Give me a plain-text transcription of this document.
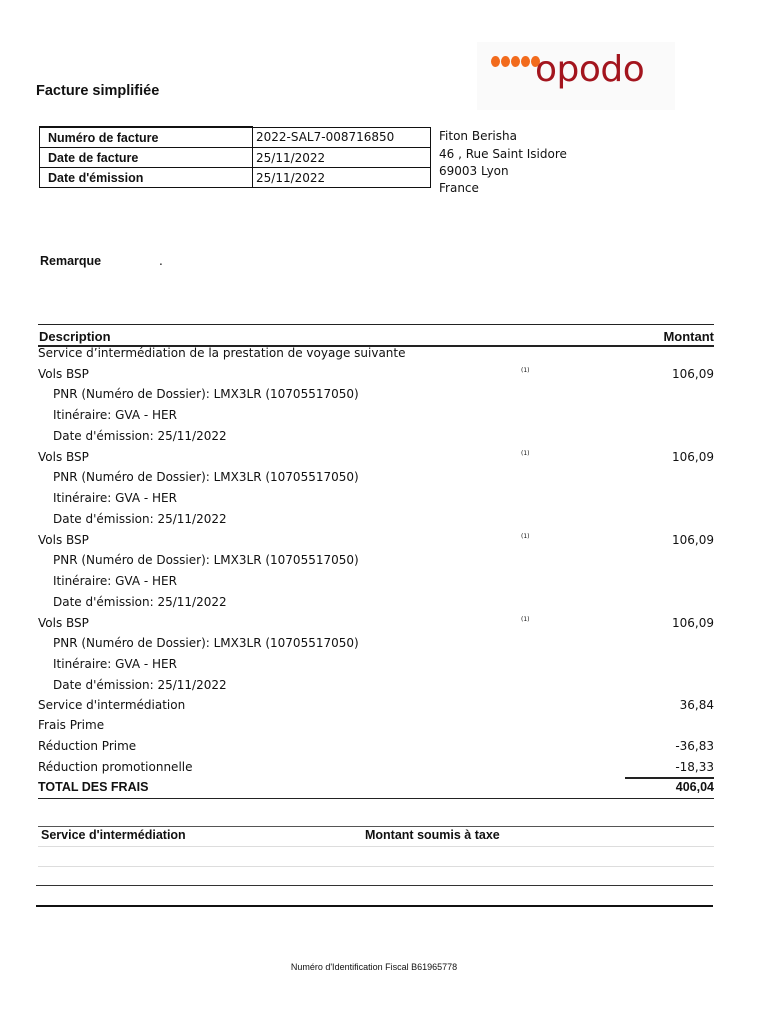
Facture simplifiée
opodo
Numéro de facture	2022-SAL7-008716850
Date de facture	25/11/2022
Date d'émission	25/11/2022
Fiton Berisha
46 , Rue Saint Isidore
69003 Lyon
France
Remarque	.
Description	Montant
Service d’intermédiation de la prestation de voyage suivante
Vols BSP	(1)	106,09
PNR (Numéro de Dossier): LMX3LR (10705517050)
Itinéraire: GVA - HER
Date d'émission: 25/11/2022
Vols BSP	(1)	106,09
PNR (Numéro de Dossier): LMX3LR (10705517050)
Itinéraire: GVA - HER
Date d'émission: 25/11/2022
Vols BSP	(1)	106,09
PNR (Numéro de Dossier): LMX3LR (10705517050)
Itinéraire: GVA - HER
Date d'émission: 25/11/2022
Vols BSP	(1)	106,09
PNR (Numéro de Dossier): LMX3LR (10705517050)
Itinéraire: GVA - HER
Date d'émission: 25/11/2022
Service d'intermédiation	36,84
Frais Prime
Réduction Prime	-36,83
Réduction promotionnelle	-18,33
TOTAL DES FRAIS	406,04
Service d'intermédiation	Montant soumis à taxe
Numéro d'Identification Fiscal B61965778
